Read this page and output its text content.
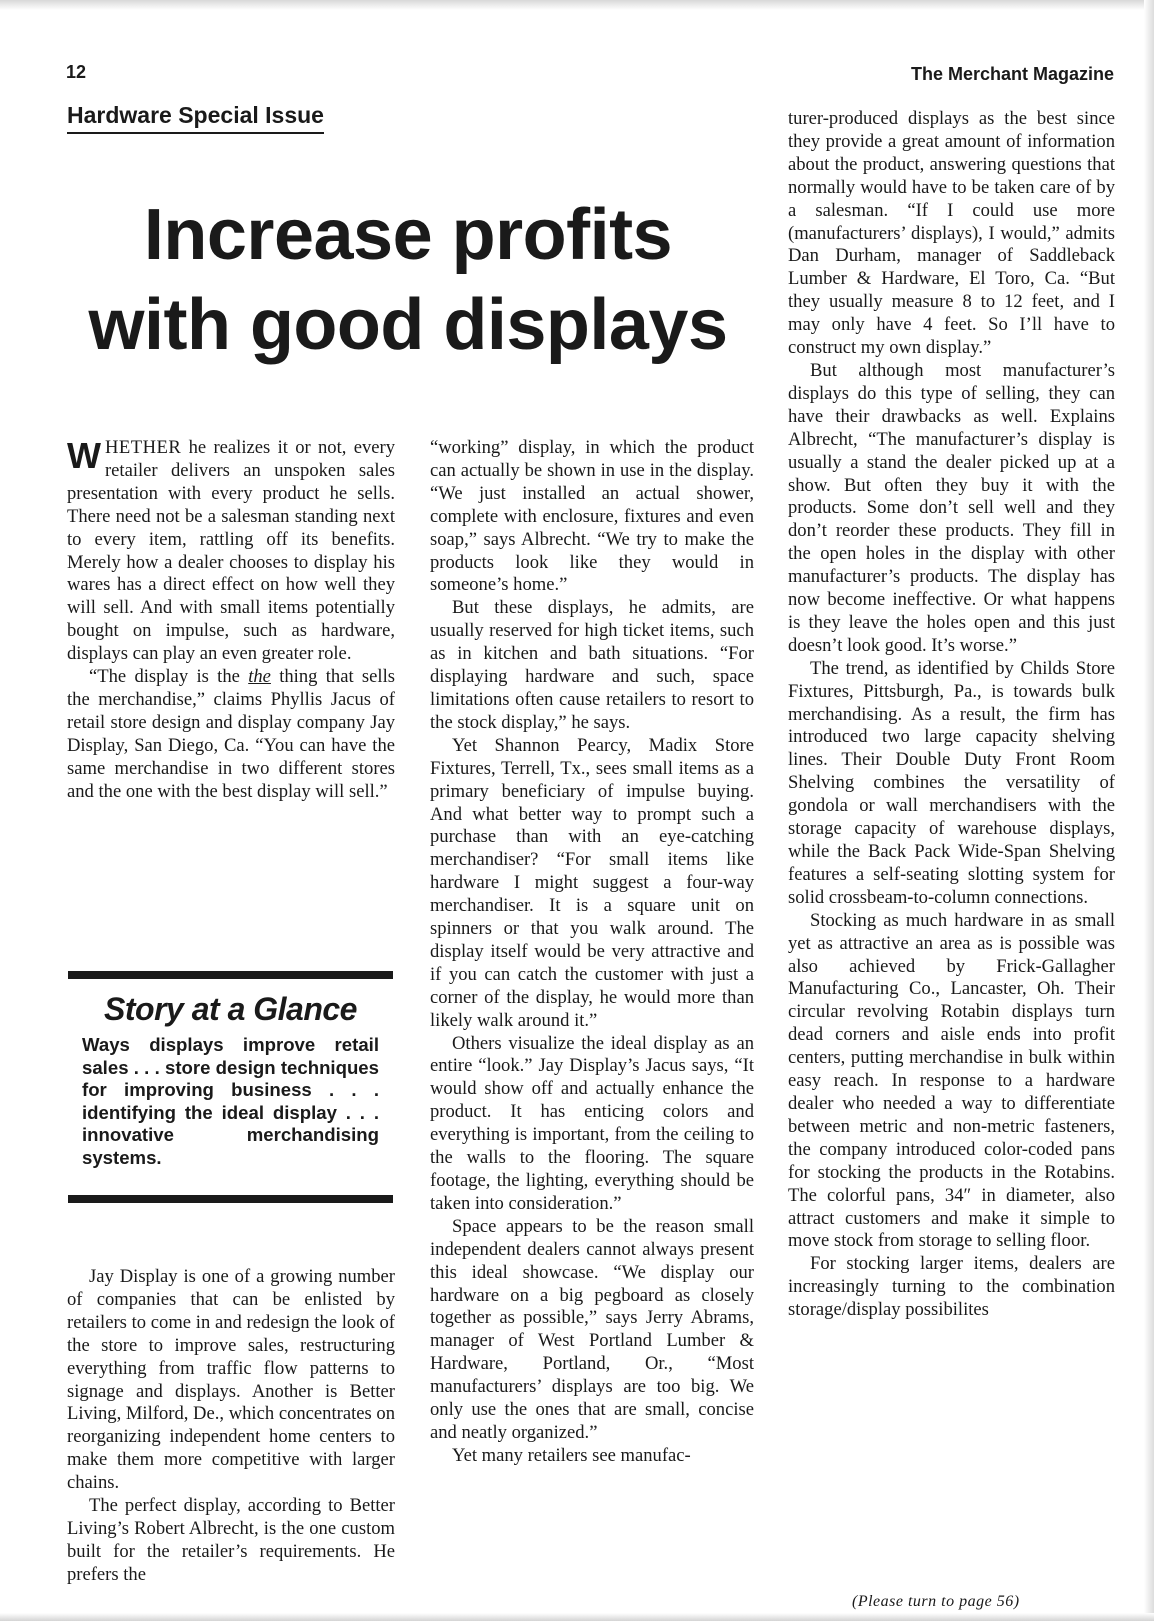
12	The Merchant Magazine
Hardware Special Issue
Increase profits
with good displays

WHETHER he realizes it or not, every retailer delivers an unspoken sales presentation with every product he sells. There need not be a salesman standing next to every item, rattling off its benefits. Merely how a dealer chooses to display his wares has a direct effect on how well they will sell. And with small items potentially bought on impulse, such as hardware, displays can play an even greater role.

“The display is the the thing that sells the merchandise,” claims Phyllis Jacus of retail store design and display company Jay Display, San Diego, Ca. “You can have the same merchandise in two different stores and the one with the best display will sell.”

Story at a Glance
Ways displays improve retail sales . . . store design techniques for improving business . . . identifying the ideal display . . . innovative merchandising systems.

Jay Display is one of a growing number of companies that can be enlisted by retailers to come in and redesign the look of the store to improve sales, restructuring everything from traffic flow patterns to signage and displays. Another is Better Living, Milford, De., which concentrates on reorganizing independent home centers to make them more competitive with larger chains.

The perfect display, according to Better Living’s Robert Albrecht, is the one custom built for the retailer’s requirements. He prefers the

“working” display, in which the product can actually be shown in use in the display. “We just installed an actual shower, complete with enclosure, fixtures and even soap,” says Albrecht. “We try to make the products look like they would in someone’s home.”

But these displays, he admits, are usually reserved for high ticket items, such as in kitchen and bath situations. “For displaying hardware and such, space limitations often cause retailers to resort to the stock display,” he says.

Yet Shannon Pearcy, Madix Store Fixtures, Terrell, Tx., sees small items as a primary beneficiary of impulse buying. And what better way to prompt such a purchase than with an eye-catching merchandiser? “For small items like hardware I might suggest a four-way merchandiser. It is a square unit on spinners or that you walk around. The display itself would be very attractive and if you can catch the customer with just a corner of the display, he would more than likely walk around it.”

Others visualize the ideal display as an entire “look.” Jay Display’s Jacus says, “It would show off and actually enhance the product. It has enticing colors and everything is important, from the ceiling to the walls to the flooring. The square footage, the lighting, everything should be taken into consideration.”

Space appears to be the reason small independent dealers cannot always present this ideal showcase. “We display our hardware on a big pegboard as closely together as possible,” says Jerry Abrams, manager of West Portland Lumber & Hardware, Portland, Or., “Most manufacturers’ displays are too big. We only use the ones that are small, concise and neatly organized.”

Yet many retailers see manufac-

turer-produced displays as the best since they provide a great amount of information about the product, answering questions that normally would have to be taken care of by a salesman. “If I could use more (manufacturers’ displays), I would,” admits Dan Durham, manager of Saddleback Lumber & Hardware, El Toro, Ca. “But they usually measure 8 to 12 feet, and I may only have 4 feet. So I’ll have to construct my own display.”

But although most manufacturer’s displays do this type of selling, they can have their drawbacks as well. Explains Albrecht, “The manufacturer’s display is usually a stand the dealer picked up at a show. But often they buy it with the products. Some don’t sell well and they don’t reorder these products. They fill in the open holes in the display with other manufacturer’s products. The display has now become ineffective. Or what happens is they leave the holes open and this just doesn’t look good. It’s worse.”

The trend, as identified by Childs Store Fixtures, Pittsburgh, Pa., is towards bulk merchandising. As a result, the firm has introduced two large capacity shelving lines. Their Double Duty Front Room Shelving combines the versatility of gondola or wall merchandisers with the storage capacity of warehouse displays, while the Back Pack Wide-Span Shelving features a self-seating slotting system for solid crossbeam-to-column connections.

Stocking as much hardware in as small yet as attractive an area as is possible was also achieved by Frick-Gallagher Manufacturing Co., Lancaster, Oh. Their circular revolving Rotabin displays turn dead corners and aisle ends into profit centers, putting merchandise in bulk within easy reach. In response to a hardware dealer who needed a way to differentiate between metric and non-metric fasteners, the company introduced color-coded pans for stocking the products in the Rotabins. The colorful pans, 34″ in diameter, also attract customers and make it simple to move stock from storage to selling floor.

For stocking larger items, dealers are increasingly turning to the combination storage/display possibilites

(Please turn to page 56)
